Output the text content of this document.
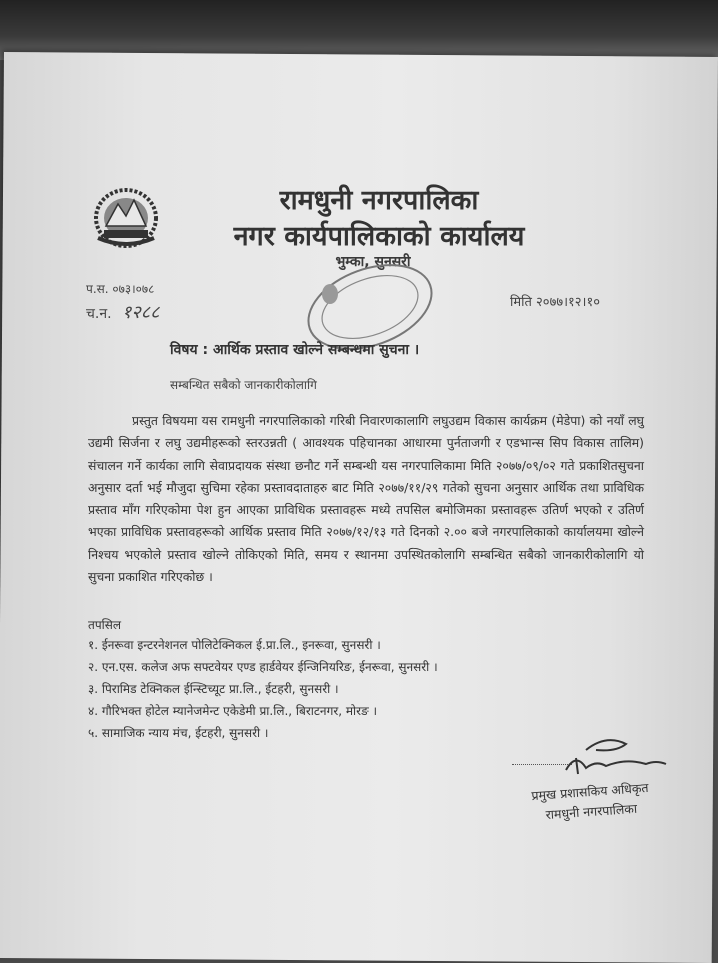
रामधुनी नगरपालिका
नगर कार्यपालिकाको कार्यालय
भुम्का, सुनसरी
प.स. ०७३।०७८
च.न. १२८८	मिति २०७७।१२।१०
विषय : आर्थिक प्रस्ताव खोल्ने सम्बन्धमा सुचना ।
सम्बन्धित सबैको जानकारीकोलागि

प्रस्तुत विषयमा यस रामधुनी नगरपालिकाको गरिबी निवारणकालागि लघुउद्यम विकास कार्यक्रम (मेडेपा) को नयाँ लघु उद्यमी सिर्जना र लघु उद्यमीहरूको स्तरउन्नती ( आवश्यक पहिचानका आधारमा पुर्नताजगी र एडभान्स सिप विकास तालिम) संचालन गर्ने कार्यका लागि सेवाप्रदायक संस्था छनौट गर्ने सम्बन्धी यस नगरपालिकामा मिति २०७७/०९/०२ गते प्रकाशितसुचना अनुसार दर्ता भई मौजुदा सुचिमा रहेका प्रस्तावदाताहरु बाट मिति २०७७/११/२९ गतेको सुचना अनुसार आर्थिक तथा प्राविधिक प्रस्ताव माँग गरिएकोमा पेश हुन आएका प्राविधिक प्रस्तावहरू मध्ये तपसिल बमोजिमका प्रस्तावहरू उतिर्ण भएको र उतिर्ण भएका प्राविधिक प्रस्तावहरूको आर्थिक प्रस्ताव मिति २०७७/१२/१३ गते दिनको २.०० बजे नगरपालिकाको कार्यालयमा खोल्ने निश्चय भएकोले प्रस्ताव खोल्ने तोकिएको मिति, समय र स्थानमा उपस्थितकोलागि सम्बन्धित सबैको जानकारीकोलागि यो सुचना प्रकाशित गरिएकोछ ।

तपसिल
१. ईनरूवा इन्टरनेशनल पोलिटेक्निकल ई.प्रा.लि., इनरूवा, सुनसरी ।
२. एन.एस. कलेज अफ सफ्टवेयर एण्ड हार्डवेयर ईन्जिनियरिङ, ईनरूवा, सुनसरी ।
३. पिरामिड टेक्निकल ईन्स्टिच्यूट प्रा.लि., ईटहरी, सुनसरी ।
४. गौरिभक्त होटेल म्यानेजमेन्ट एकेडेमी प्रा.लि., बिराटनगर, मोरङ ।
५. सामाजिक न्याय मंच, ईटहरी, सुनसरी ।
प्रमुख प्रशासकिय अधिकृत
रामधुनी नगरपालिका
